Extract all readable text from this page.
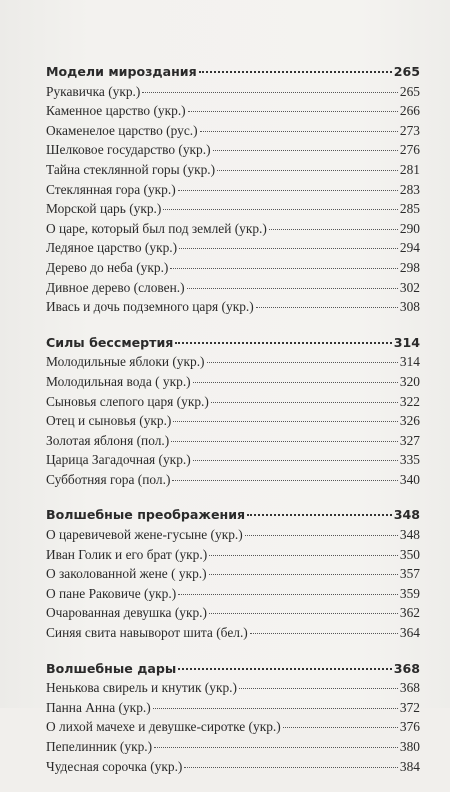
Модели мироздания	265
Рукавичка (укр.)	265
Каменное царство (укр.)	266
Окаменелое царство (рус.)	273
Шелковое государство (укр.)	276
Тайна стеклянной горы (укр.)	281
Стеклянная гора (укр.)	283
Морской царь (укр.)	285
О царе, который был под землей (укр.)	290
Ледяное царство (укр.)	294
Дерево до неба (укр.)	298
Дивное дерево (словен.)	302
Ивась и дочь подземного царя (укр.)	308
Силы бессмертия	314
Молодильные яблоки (укр.)	314
Молодильная вода ( укр.)	320
Сыновья слепого царя (укр.)	322
Отец и сыновья (укр.)	326
Золотая яблоня (пол.)	327
Царица Загадочная (укр.)	335
Субботняя гора (пол.)	340
Волшебные преображения	348
О царевичевой жене-гусыне (укр.)	348
Иван Голик и его брат (укр.)	350
О заколованной жене ( укр.)	357
О пане Раковиче (укр.)	359
Очарованная девушка (укр.)	362
Синяя свита навыворот шита (бел.)	364
Волшебные дары	368
Ненькова свирель и кнутик (укр.)	368
Панна Анна (укр.)	372
О лихой мачехе и девушке-сиротке (укр.)	376
Пепелинник (укр.)	380
Чудесная сорочка (укр.)	384
